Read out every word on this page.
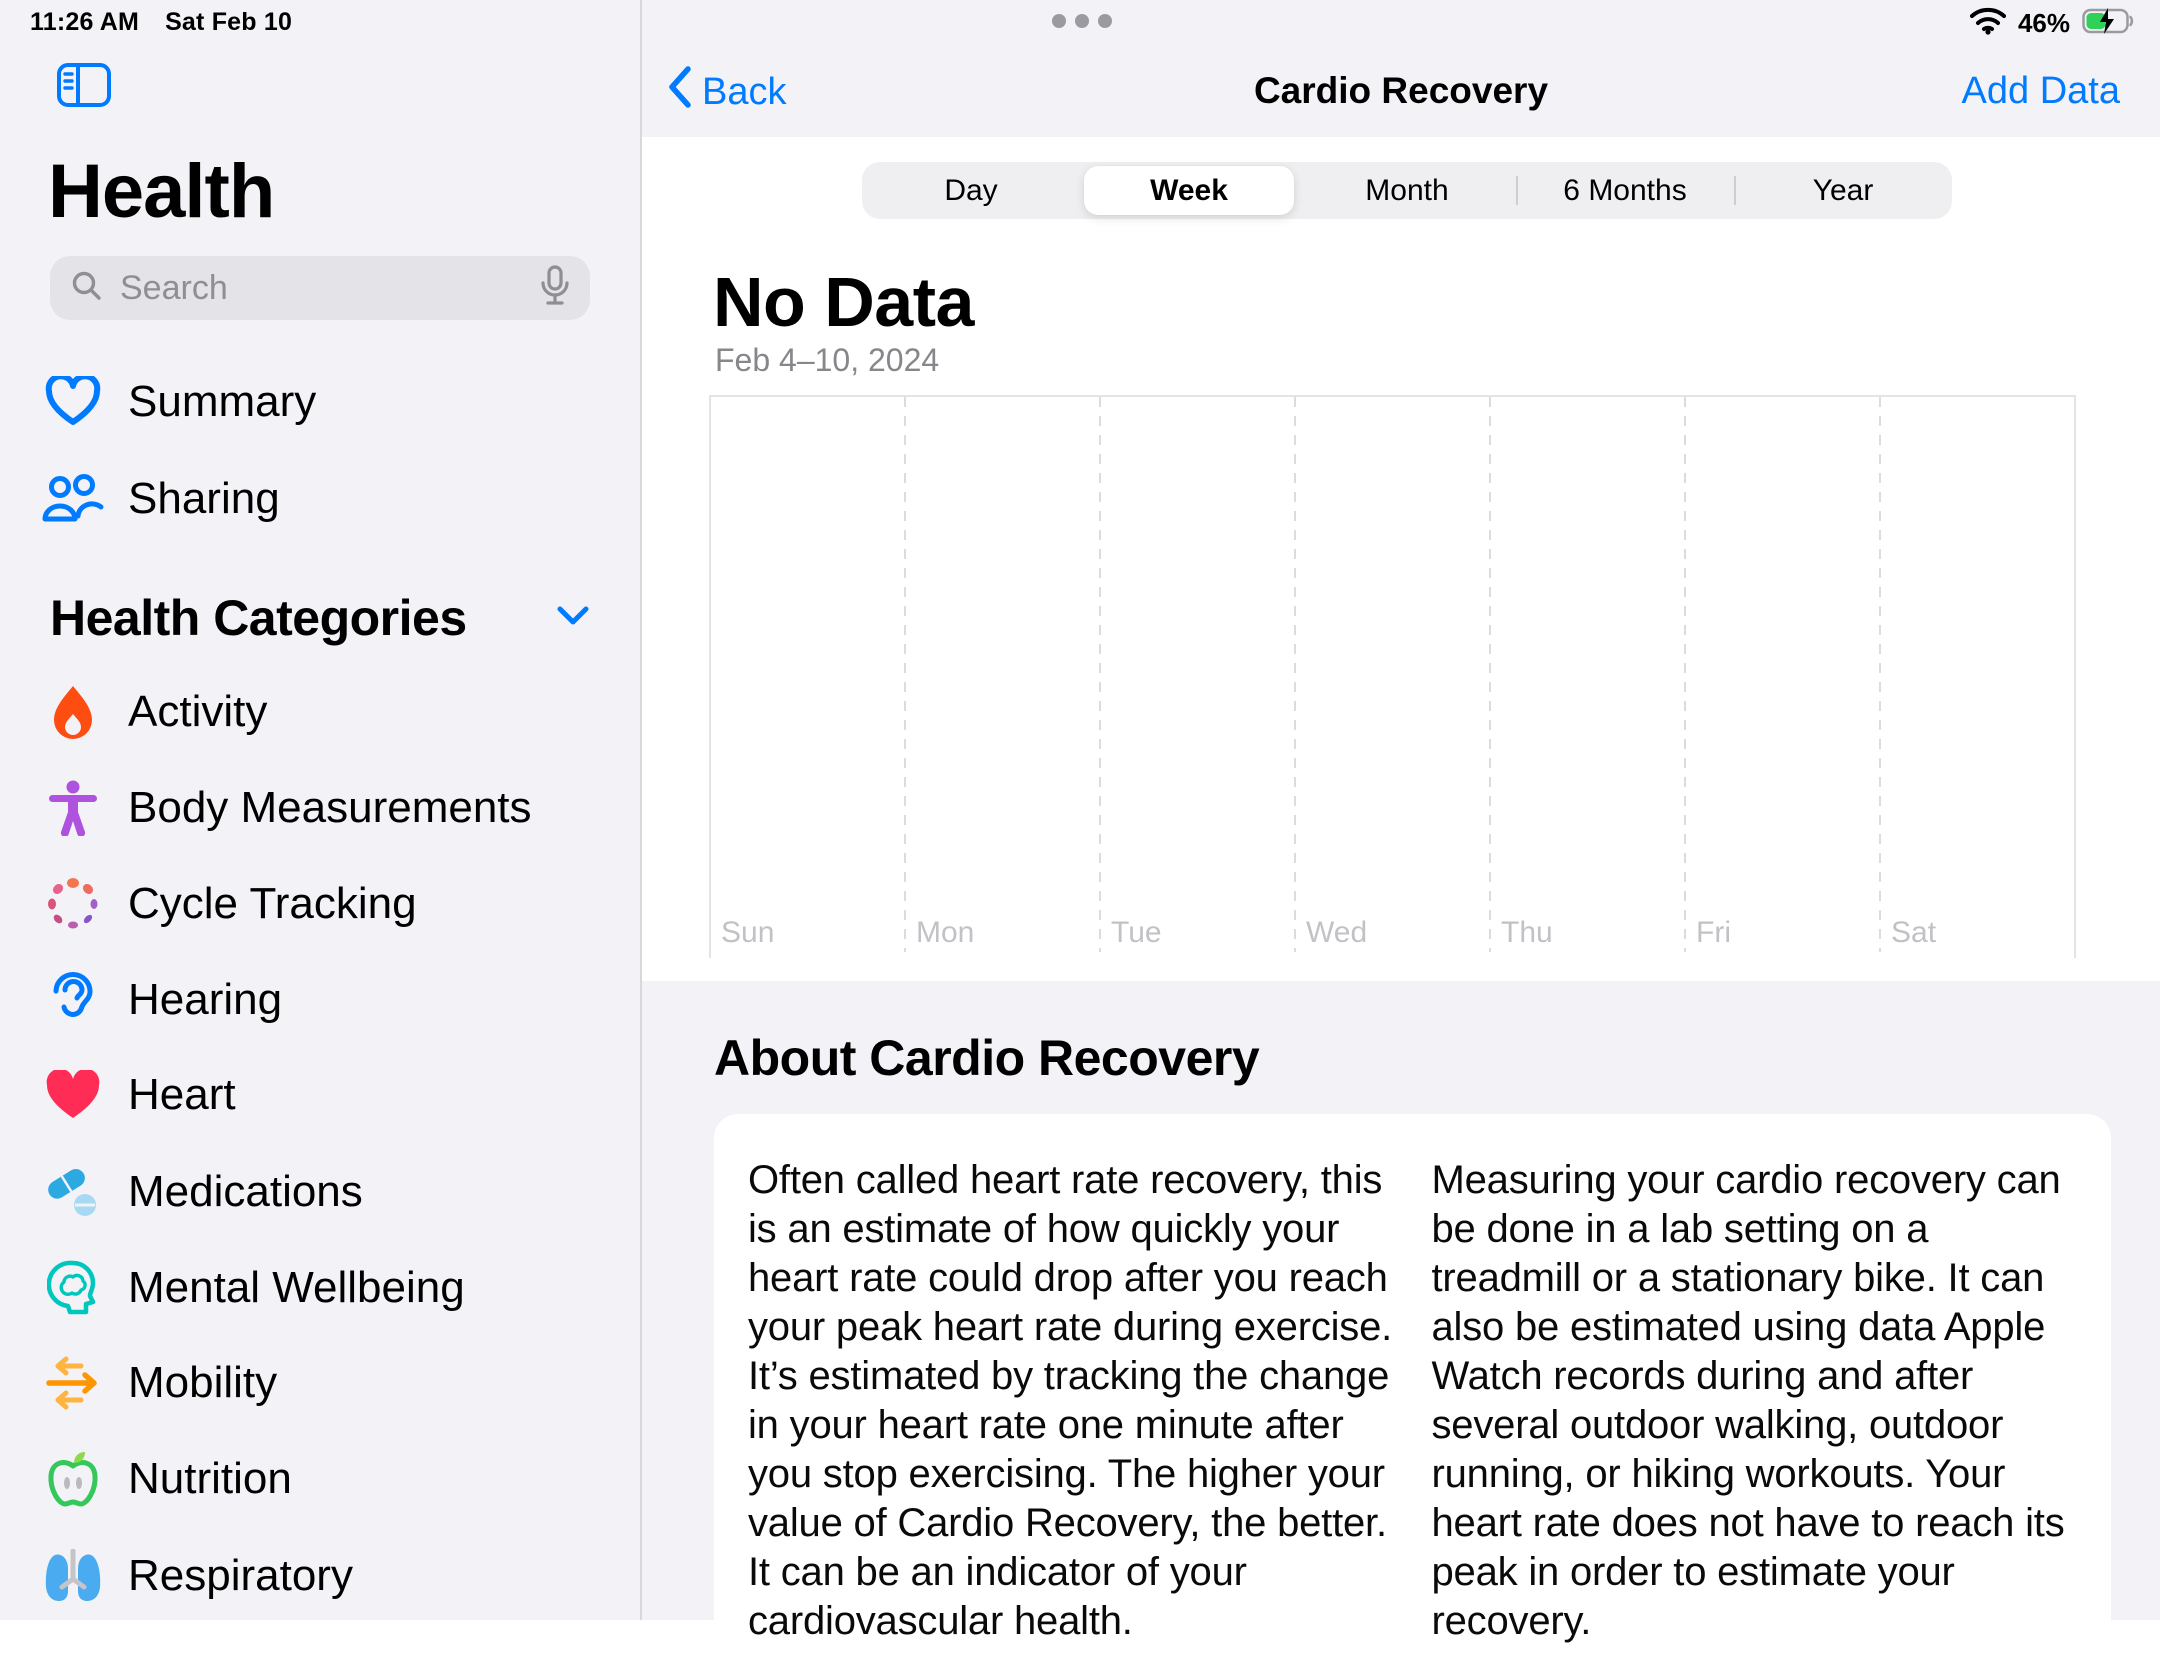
11:26 AM Sat Feb 10
Health
Search
Summary
Sharing
Health Categories
Activity
Body Measurements
Cycle Tracking
Hearing
Heart
Medications
Mental Wellbeing
Mobility
Nutrition
Respiratory
Back	Cardio Recovery	Add Data
46%
Day	Week	Month	6 Months	Year
No Data
Feb 4–10, 2024
Sun	Mon	Tue	Wed	Thu	Fri	Sat
About Cardio Recovery
Often called heart rate recovery, this is an estimate of how quickly your heart rate could drop after you reach your peak heart rate during exercise. It’s estimated by tracking the change in your heart rate one minute after you stop exercising. The higher your value of Cardio Recovery, the better. It can be an indicator of your cardiovascular health.
Measuring your cardio recovery can be done in a lab setting on a treadmill or a stationary bike. It can also be estimated using data Apple Watch records during and after several outdoor walking, outdoor running, or hiking workouts. Your heart rate does not have to reach its peak in order to estimate your recovery.
